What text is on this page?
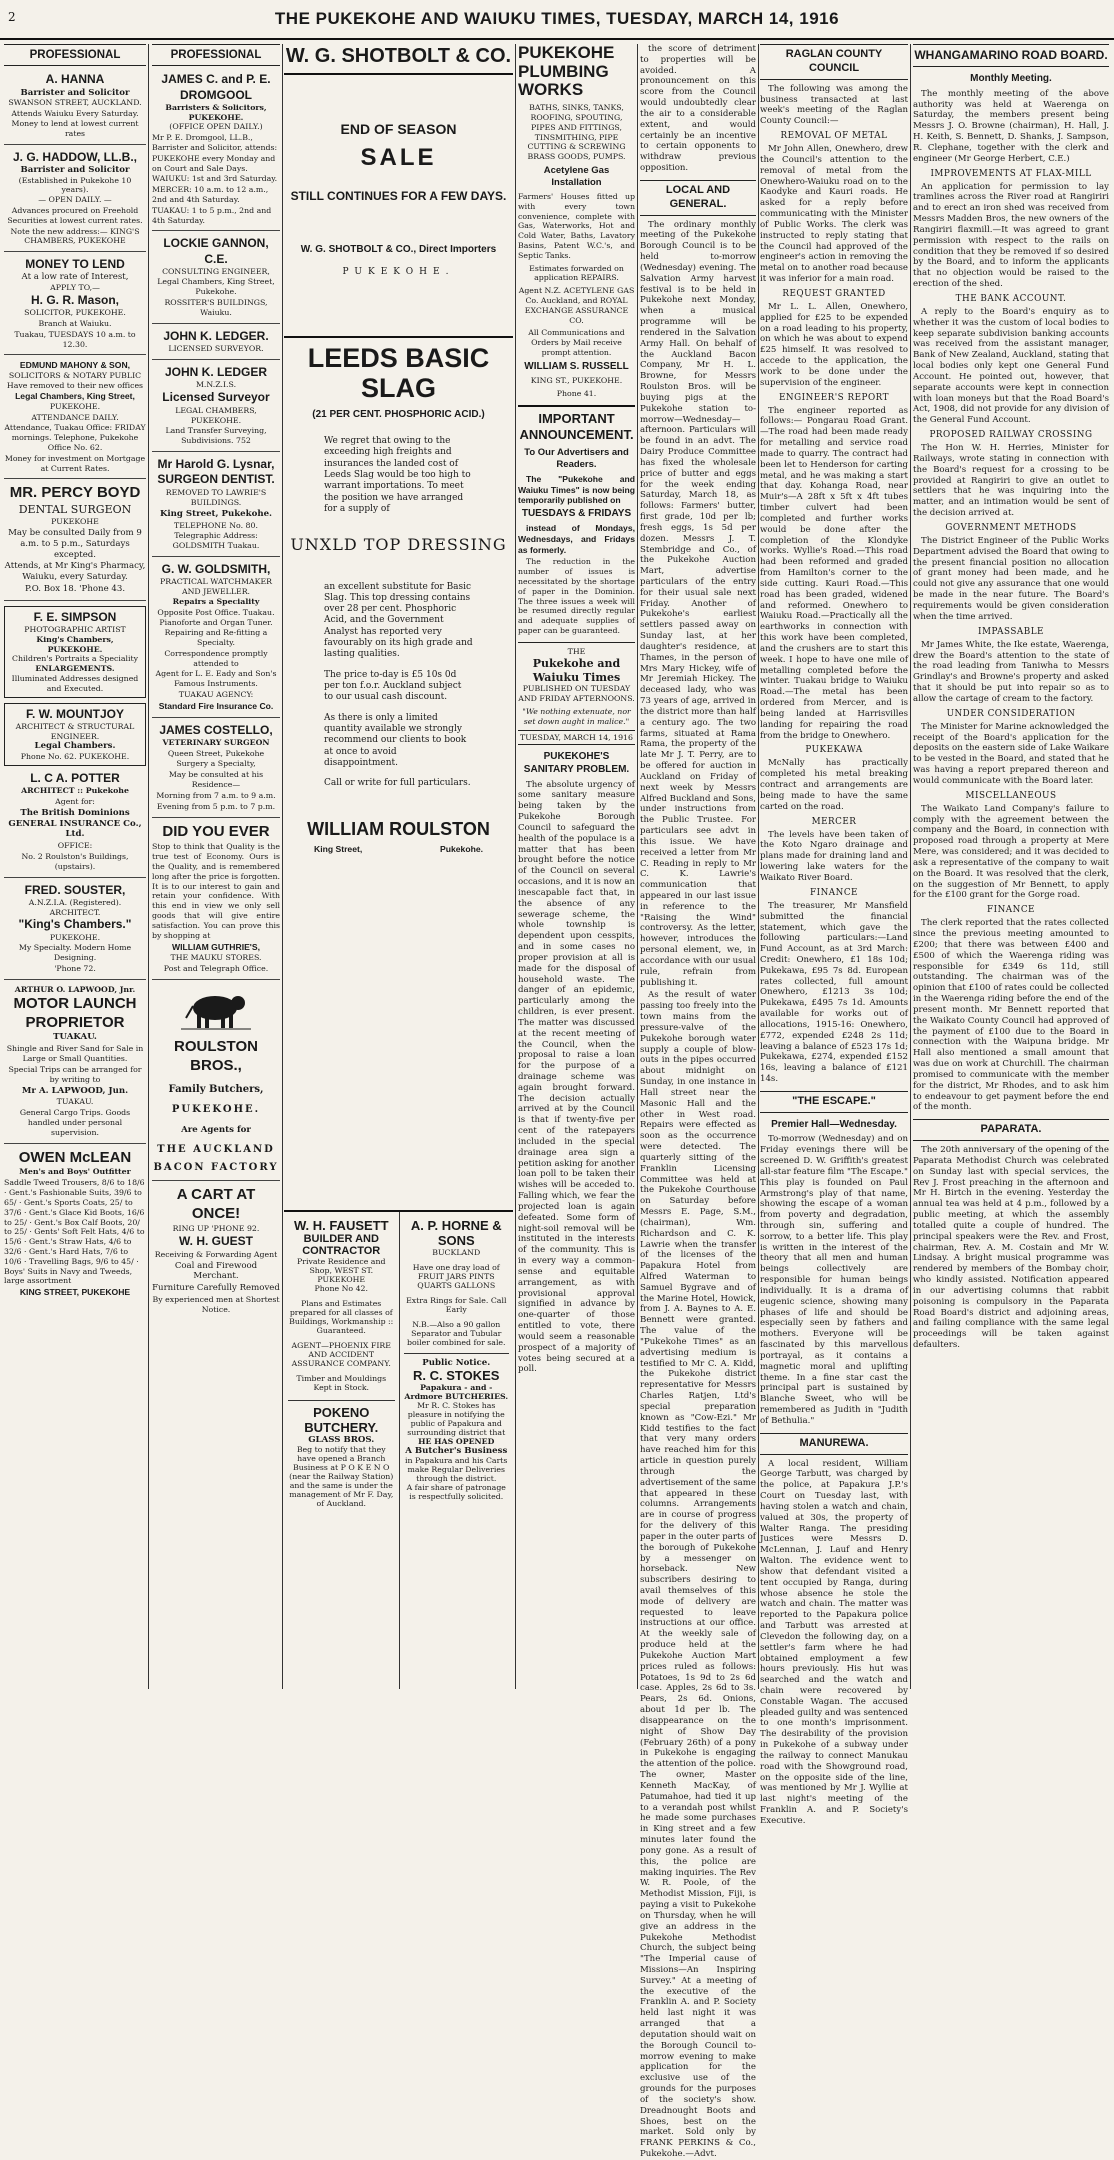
2	THE PUKEKOHE AND WAIUKU TIMES, TUESDAY, MARCH 14, 1916
PROFESSIONAL
A. HANNA
Barrister and Solicitor
SWANSON STREET, AUCKLAND.

Attends Waiuku Every Saturday. Money to lend at lowest current rates

J. G. HADDOW, LL.B.,
Barrister and Solicitor
(Established in Pukekohe 10 years).
— OPEN DAILY. —

Advances procured on Freehold Securities at lowest current rates.

Note the new address:— KING'S CHAMBERS, PUKEKOHE

MONEY TO LEND
At a low rate of Interest,
APPLY TO,—
H. G. R. Mason,
SOLICITOR, PUKEKOHE.

Branch at Waiuku.

Tuakau, TUESDAYS 10 a.m. to 12.30.

EDMUND MAHONY & SON,
SOLICITORS & NOTARY PUBLIC
Have removed to their new offices
Legal Chambers, King Street,
PUKEKOHE.

ATTENDANCE DAILY.

Attendance, Tuakau Office: FRIDAY mornings. Telephone, Pukekohe Office No. 62.

Money for investment on Mortgage at Current Rates.

MR. PERCY BOYD
DENTAL SURGEON
PUKEKOHE

May be consulted Daily from 9 a.m. to 5 p.m., Saturdays excepted.

Attends, at Mr King's Pharmacy, Waiuku, every Saturday.

P.O. Box 18. 'Phone 43.

F. E. SIMPSON
PHOTOGRAPHIC ARTIST
King's Chambers, PUKEKOHE.
Children's Portraits a Speciality
ENLARGEMENTS.
Illuminated Addresses designed and Executed.
F. W. MOUNTJOY
ARCHITECT & STRUCTURAL ENGINEER.
Legal Chambers.
Phone No. 62. PUKEKOHE.
L. C A. POTTER
ARCHITECT :: Pukekohe

Agent for:

The British Dominions GENERAL INSURANCE Co., Ltd.

OFFICE:

No. 2 Roulston's Buildings, (upstairs).

FRED. SOUSTER,
A.N.Z.I.A. (Registered).
ARCHITECT.
"King's Chambers."
PUKEKOHE.

My Specialty. Modern Home Designing.

'Phone 72.

ARTHUR O. LAPWOOD, Jnr.
MOTOR LAUNCH PROPRIETOR
TUAKAU.

Shingle and River Sand for Sale in Large or Small Quantities.

Special Trips can be arranged for by writing to

Mr A. LAPWOOD, Jun.

TUAKAU.

General Cargo Trips. Goods handled under personal supervision.

OWEN McLEAN
Men's and Boys' Outfitter

Saddle Tweed Trousers, 8/6 to 18/6 · Gent.'s Fashionable Suits, 39/6 to 65/ · Gent.'s Sports Coats, 25/ to 37/6 · Gent.'s Glace Kid Boots, 16/6 to 25/ · Gent.'s Box Calf Boots, 20/ to 25/ · Gents' Soft Felt Hats, 4/6 to 15/6 · Gent.'s Straw Hats, 4/6 to 32/6 · Gent.'s Hard Hats, 7/6 to 10/6 · Travelling Bags, 9/6 to 45/ · Boys' Suits in Navy and Tweeds, large assortment

KING STREET, PUKEKOHE

PROFESSIONAL
JAMES C. and P. E. DROMGOOL
Barristers & Solicitors, PUKEKOHE.
(OFFICE OPEN DAILY.)

Mr P. E. Dromgool, LL.B., Barrister and Solicitor, attends:

PUKEKOHE every Monday and on Court and Sale Days.

WAIUKU: 1st and 3rd Saturday.

MERCER: 10 a.m. to 12 a.m., 2nd and 4th Saturday.

TUAKAU: 1 to 5 p.m., 2nd and 4th Saturday.

LOCKIE GANNON, C.E.
CONSULTING ENGINEER,

Legal Chambers, King Street, Pukekohe.

ROSSITER'S BUILDINGS, Waiuku.

JOHN K. LEDGER.
LICENSED SURVEYOR.
JOHN K. LEDGER
M.N.Z.I.S.
Licensed Surveyor

LEGAL CHAMBERS, PUKEKOHE.

Land Transfer Surveying, Subdivisions. 752

Mr Harold G. Lysnar,
SURGEON DENTIST.

REMOVED TO LAWRIE'S BUILDINGS.

King Street, Pukekohe.

TELEPHONE No. 80.

Telegraphic Address: GOLDSMITH Tuakau.

G. W. GOLDSMITH,
PRACTICAL WATCHMAKER AND JEWELLER.
Repairs a Speciality

Opposite Post Office. Tuakau.

Pianoforte and Organ Tuner. Repairing and Re-fitting a Specialty.

Correspondence promptly attended to

Agent for L. E. Eady and Son's Famous Instruments.

TUAKAU AGENCY:

Standard Fire Insurance Co.

JAMES COSTELLO,
VETERINARY SURGEON

Queen Street, Pukekohe

Surgery a Specialty,

May be consulted at his Residence—

Morning from 7 a.m. to 9 a.m.

Evening from 5 p.m. to 7 p.m.

DID YOU EVER

Stop to think that Quality is the true test of Economy. Ours is the Quality, and is remembered long after the price is forgotten. It is to our interest to gain and retain your confidence. With this end in view we only sell goods that will give entire satisfaction. You can prove this by shopping at

WILLIAM GUTHRIE'S,

THE MAUKU STORES.

Post and Telegraph Office.

ROULSTON BROS.,

Family Butchers,

PUKEKOHE.

Are Agents for

THE AUCKLAND

BACON FACTORY

A CART AT ONCE!
RING UP 'PHONE 92.
W. H. GUEST

Receiving & Forwarding Agent

Coal and Firewood Merchant.

Furniture Carefully Removed

By experienced men at Shortest Notice.

W. G. SHOTBOLT & CO.
END OF SEASON
SALE
STILL CONTINUES FOR A FEW DAYS.
W. G. SHOTBOLT & CO., Direct Importers
PUKEKOHE.
LEEDS BASIC SLAG
(21 PER CENT. PHOSPHORIC ACID.)
We regret that owing to the exceeding high freights and insurances the landed cost of Leeds Slag would be too high to warrant importations. To meet the position we have arranged for a supply of
UNXLD TOP DRESSING

an excellent substitute for Basic Slag. This top dressing contains over 28 per cent. Phosphoric Acid, and the Government Analyst has reported very favourably on its high grade and lasting qualities.

The price to-day is £5 10s 0d per ton f.o.r. Auckland subject to our usual cash discount.

As there is only a limited quantity available we strongly recommend our clients to book at once to avoid disappointment.

Call or write for full particulars.

WILLIAM ROULSTON
King Street,	Pukekohe.
W. H. FAUSETT
BUILDER AND CONTRACTOR

Private Residence and Shop, WEST ST. PUKEKOHE

Phone No 42.

Plans and Estimates prepared for all classes of Buildings, Workmanship :: Guaranteed.

AGENT—PHOENIX FIRE AND ACCIDENT ASSURANCE COMPANY.

Timber and Mouldings Kept in Stock.

POKENO BUTCHERY.
GLASS BROS.

Beg to notify that they have opened a Branch Business at P O K E N O (near the Railway Station) and the same is under the management of Mr F. Day, of Auckland.

A. P. HORNE & SONS
BUCKLAND

Have one dray load of FRUIT JARS PINTS QUARTS GALLONS

Extra Rings for Sale. Call Early

N.B.—Also a 90 gallon Separator and Tubular boiler combined for sale.

Public Notice.
R. C. STOKES
Papakura - and - Ardmore BUTCHERIES.

Mr R. C. Stokes has pleasure in notifying the public of Papakura and surrounding district that

HE HAS OPENED

A Butcher's Business

in Papakura and his Carts make Regular Deliveries through the district.

A fair share of patronage is respectfully solicited.

PUKEKOHE PLUMBING WORKS

BATHS, SINKS, TANKS, ROOFING, SPOUTING, PIPES AND FITTINGS, TINSMITHING, PIPE CUTTING & SCREWING BRASS GOODS, PUMPS.

Acetylene Gas Installation

Farmers' Houses fitted up with every town convenience, complete with Gas, Waterworks, Hot and Cold Water, Baths, Lavatory Basins, Patent W.C.'s, and Septic Tanks.

Estimates forwarded on application REPAIRS.

Agent N.Z. ACETYLENE GAS Co. Auckland, and ROYAL EXCHANGE ASSURANCE CO.

All Communications and Orders by Mail receive prompt attention.

WILLIAM S. RUSSELL

KING ST., PUKEKOHE.

Phone 41.

IMPORTANT ANNOUNCEMENT.
To Our Advertisers and Readers.

The "Pukekohe and Waiuku Times" is now being temporarily published on

TUESDAYS & FRIDAYS

instead of Mondays, Wednesdays, and Fridays as formerly.

The reduction in the number of issues is necessitated by the shortage of paper in the Dominion. The three issues a week will be resumed directly regular and adequate supplies of paper can be guaranteed.

THE
Pukekohe and Waiuku Times
PUBLISHED ON TUESDAY AND FRIDAY AFTERNOONS.
"We nothing extenuate, nor set down aught in malice."
TUESDAY, MARCH 14, 1916
PUKEKOHE'S SANITARY PROBLEM.

The absolute urgency of some sanitary measure being taken by the Pukekohe Borough Council to safeguard the health of the populace is a matter that has been brought before the notice of the Council on several occasions, and it is now an inescapable fact that, in the absence of any sewerage scheme, the whole township is dependent upon cesspits, and in some cases no proper provision at all is made for the disposal of household waste. The danger of an epidemic, particularly among the children, is ever present. The matter was discussed at the recent meeting of the Council, when the proposal to raise a loan for the purpose of a drainage scheme was again brought forward. The decision actually arrived at by the Council is that if twenty-five per cent of the ratepayers included in the special drainage area sign a petition asking for another loan poll to be taken their wishes will be acceded to. Falling which, we fear the projected loan is again defeated. Some form of night-soil removal will be instituted in the interests of the community. This is in every way a common-sense and equitable arrangement, as with provisional approval signified in advance by one-quarter of those entitled to vote, there would seem a reasonable prospect of a majority of votes being secured at a poll.

the score of detriment to properties will be avoided. A pronouncement on this score from the Council would undoubtedly clear the air to a considerable extent, and would certainly be an incentive to certain opponents to withdraw previous opposition.

LOCAL AND GENERAL.

The ordinary monthly meeting of the Pukekohe Borough Council is to be held to-morrow (Wednesday) evening. The Salvation Army harvest festival is to be held in Pukekohe next Monday, when a musical programme will be rendered in the Salvation Army Hall. On behalf of the Auckland Bacon Company, Mr H. L. Browne, for Messrs Roulston Bros. will be buying pigs at the Pukekohe station to-morrow—Wednesday—afternoon. Particulars will be found in an advt. The Dairy Produce Committee has fixed the wholesale price of butter and eggs for the week ending Saturday, March 18, as follows: Farmers' butter, first grade, 10d per lb; fresh eggs, 1s 5d per dozen. Messrs J. T. Stembridge and Co., of the Pukekohe Auction Mart, advertise particulars of the entry for their usual sale next Friday. Another of Pukekohe's earliest settlers passed away on Sunday last, at her daughter's residence, at Thames, in the person of Mrs Mary Hickey, wife of Mr Jeremiah Hickey. The deceased lady, who was 73 years of age, arrived in the district more than half a century ago. The two farms, situated at Rama Rama, the property of the late Mr J. T. Perry, are to be offered for auction in Auckland on Friday of next week by Messrs Alfred Buckland and Sons, under instructions from the Public Trustee. For particulars see advt in this issue. We have received a letter from Mr C. Reading in reply to Mr C. K. Lawrie's communication that appeared in our last issue in reference to the "Raising the Wind" controversy. As the letter, however, introduces the personal element, we, in accordance with our usual rule, refrain from publishing it.

As the result of water passing too freely into the town mains from the pressure-valve of the Pukekohe borough water supply a couple of blow-outs in the pipes occurred about midnight on Sunday, in one instance in Hall street near the Masonic Hall and the other in West road. Repairs were effected as soon as the occurrence were detected. The quarterly sitting of the Franklin Licensing Committee was held at the Pukekohe Courthouse on Saturday before Messrs E. Page, S.M., (chairman), Wm. Richardson and C. K. Lawrie when the transfer of the licenses of the Papakura Hotel from Alfred Waterman to Samuel Bygrave and of the Marine Hotel, Howick, from J. A. Baynes to A. E. Bennett were granted. The value of the "Pukekohe Times" as an advertising medium is testified to Mr C. A. Kidd, the Pukekohe district representative for Messrs Charles Ratjen, Ltd's special preparation known as "Cow-Ezi." Mr Kidd testifies to the fact that very many orders have reached him for this article in question purely through the advertisement of the same that appeared in these columns. Arrangements are in course of progress for the delivery of this paper in the outer parts of the borough of Pukekohe by a messenger on horseback. New subscribers desiring to avail themselves of this mode of delivery are requested to leave instructions at our office. At the weekly sale of produce held at the Pukekohe Auction Mart prices ruled as follows: Potatoes, 1s 9d to 2s 6d case. Apples, 2s 6d to 3s. Pears, 2s 6d. Onions, about 1d per lb. The disappearance on the night of Show Day (February 26th) of a pony in Pukekohe is engaging the attention of the police. The owner, Master Kenneth MacKay, of Patumahoe, had tied it up to a verandah post whilst he made some purchases in King street and a few minutes later found the pony gone. As a result of this, the police are making inquiries. The Rev W. R. Poole, of the Methodist Mission, Fiji, is paying a visit to Pukekohe on Thursday, when he will give an address in the Pukekohe Methodist Church, the subject being "The Imperial cause of Missions—An Inspiring Survey." At a meeting of the executive of the Franklin A. and P. Society held last night it was arranged that a deputation should wait on the Borough Council to-morrow evening to make application for the exclusive use of the grounds for the purposes of the society's show. Dreadnought Boots and Shoes, best on the market. Sold only by FRANK PERKINS & Co., Pukekohe.—Advt.

RAGLAN COUNTY COUNCIL

The following was among the business transacted at last week's meeting of the Raglan County Council:—

REMOVAL OF METAL

Mr John Allen, Onewhero, drew the Council's attention to the removal of metal from the Onewhero-Waiuku road on to the Kaodyke and Kauri roads. He asked for a reply before communicating with the Minister of Public Works. The clerk was instructed to reply stating that the Council had approved of the engineer's action in removing the metal on to another road because it was inferior for a main road.

REQUEST GRANTED

Mr L. L. Allen, Onewhero, applied for £25 to be expended on a road leading to his property, on which he was about to expend £25 himself. It was resolved to accede to the application, the work to be done under the supervision of the engineer.

ENGINEER'S REPORT

The engineer reported as follows:— Pongarau Road Grant.—The road had been made ready for metalling and service road made to quarry. The contract had been let to Henderson for carting metal, and he was making a start that day. Kohanga Road, near Muir's—A 28ft x 5ft x 4ft tubes timber culvert had been completed and further works would be done after the completion of the Klondyke works. Wyllie's Road.—This road had been reformed and graded from Hamilton's corner to the side cutting. Kauri Road.—This road has been graded, widened and reformed. Onewhero to Waiuku Road.—Practically all the earthworks in connection with this work have been completed, and the crushers are to start this week. I hope to have one mile of metalling completed before the winter. Tuakau bridge to Waiuku Road.—The metal has been ordered from Mercer, and is being landed at Harrisvilles landing for repairing the road from the bridge to Onewhero.

PUKEKAWA

McNally has practically completed his metal breaking contract and arrangements are being made to have the same carted on the road.

MERCER

The levels have been taken of the Koto Ngaro drainage and plans made for draining land and lowering lake waters for the Waikato River Board.

FINANCE

The treasurer, Mr Mansfield submitted the financial statement, which gave the following particulars:—Land Fund Account, as at 3rd March: Credit: Onewhero, £1 18s 10d; Pukekawa, £95 7s 8d. European rates collected, full amount Onewhero, £1213 3s 10d; Pukekawa, £495 7s 1d. Amounts available for works out of allocations, 1915-16: Onewhero, £772, expended £248 2s 11d; leaving a balance of £523 17s 1d; Pukekawa, £274, expended £152 16s, leaving a balance of £121 14s.

"THE ESCAPE."
Premier Hall—Wednesday.

To-morrow (Wednesday) and on Friday evenings there will be screened D. W. Griffith's greatest all-star feature film "The Escape." This play is founded on Paul Armstrong's play of that name, showing the escape of a woman from poverty and degradation, through sin, suffering and sorrow, to a better life. This play is written in the interest of the theory that all men and human beings collectively are responsible for human beings individually. It is a drama of eugenic science, showing many phases of life and should be especially seen by fathers and mothers. Everyone will be fascinated by this marvellous portrayal, as it contains a magnetic moral and uplifting theme. In a fine star cast the principal part is sustained by Blanche Sweet, who will be remembered as Judith in "Judith of Bethulia."

MANUREWA.

A local resident, William George Tarbutt, was charged by the police, at Papakura J.P.'s Court on Tuesday last, with having stolen a watch and chain, valued at 30s, the property of Walter Ranga. The presiding Justices were Messrs D. McLennan, J. Lauf and Henry Walton. The evidence went to show that defendant visited a tent occupied by Ranga, during whose absence he stole the watch and chain. The matter was reported to the Papakura police and Tarbutt was arrested at Clevedon the following day, on a settler's farm where he had obtained employment a few hours previously. His hut was searched and the watch and chain were recovered by Constable Wagan. The accused pleaded guilty and was sentenced to one month's imprisonment. The desirability of the provision in Pukekohe of a subway under the railway to connect Manukau road with the Showground road, on the opposite side of the line, was mentioned by Mr J. Wyllie at last night's meeting of the Franklin A. and P. Society's Executive.

WHANGAMARINO ROAD BOARD.
Monthly Meeting.

The monthly meeting of the above authority was held at Waerenga on Saturday, the members present being Messrs J. O. Browne (chairman), H. Hall, J. H. Keith, S. Bennett, D. Shanks, J. Sampson, R. Clephane, together with the clerk and engineer (Mr George Herbert, C.E.)

IMPROVEMENTS AT FLAX-MILL

An application for permission to lay tramlines across the River road at Rangiriri and to erect an iron shed was received from Messrs Madden Bros, the new owners of the Rangiriri flaxmill.—It was agreed to grant permission with respect to the rails on condition that they be removed if so desired by the Board, and to inform the applicants that no objection would be raised to the erection of the shed.

THE BANK ACCOUNT.

A reply to the Board's enquiry as to whether it was the custom of local bodies to keep separate subdivision banking accounts was received from the assistant manager, Bank of New Zealand, Auckland, stating that local bodies only kept one General Fund Account. He pointed out, however, that separate accounts were kept in connection with loan moneys but that the Road Board's Act, 1908, did not provide for any division of the General Fund Account.

PROPOSED RAILWAY CROSSING

The Hon W. H. Herries, Minister for Railways, wrote stating in connection with the Board's request for a crossing to be provided at Rangiriri to give an outlet to settlers that he was inquiring into the matter, and an intimation would be sent of the decision arrived at.

GOVERNMENT METHODS

The District Engineer of the Public Works Department advised the Board that owing to the present financial position no allocation of grant money had been made, and he could not give any assurance that one would be made in the near future. The Board's requirements would be given consideration when the time arrived.

IMPASSABLE

Mr James White, the Ike estate, Waerenga, drew the Board's attention to the state of the road leading from Taniwha to Messrs Grindlay's and Browne's property and asked that it should be put into repair so as to allow the cartage of cream to the factory.

UNDER CONSIDERATION

The Minister for Marine acknowledged the receipt of the Board's application for the deposits on the eastern side of Lake Waikare to be vested in the Board, and stated that he was having a report prepared thereon and would communicate with the Board later.

MISCELLANEOUS

The Waikato Land Company's failure to comply with the agreement between the company and the Board, in connection with proposed road through a property at Mere Mere, was considered; and it was decided to ask a representative of the company to wait on the Board. It was resolved that the clerk, on the suggestion of Mr Bennett, to apply for the £100 grant for the Gorge road.

FINANCE

The clerk reported that the rates collected since the previous meeting amounted to £200; that there was between £400 and £500 of which the Waerenga riding was responsible for £349 6s 11d, still outstanding. The chairman was of the opinion that £100 of rates could be collected in the Waerenga riding before the end of the present month. Mr Bennett reported that the Waikato County Council had approved of the payment of £100 due to the Board in connection with the Waipuna bridge. Mr Hall also mentioned a small amount that was due on work at Churchill. The chairman promised to communicate with the member for the district, Mr Rhodes, and to ask him to endeavour to get payment before the end of the month.

PAPARATA.

The 20th anniversary of the opening of the Paparata Methodist Church was celebrated on Sunday last with special services, the Rev J. Frost preaching in the afternoon and Mr H. Birtch in the evening. Yesterday the annual tea was held at 4 p.m., followed by a public meeting, at which the assembly totalled quite a couple of hundred. The principal speakers were the Rev. and Frost, chairman, Rev. A. M. Costain and Mr W. Lindsay. A bright musical programme was rendered by members of the Bombay choir, who kindly assisted. Notification appeared in our advertising columns that rabbit poisoning is compulsory in the Paparata Road Board's district and adjoining areas, and failing compliance with the same legal proceedings will be taken against defaulters.
